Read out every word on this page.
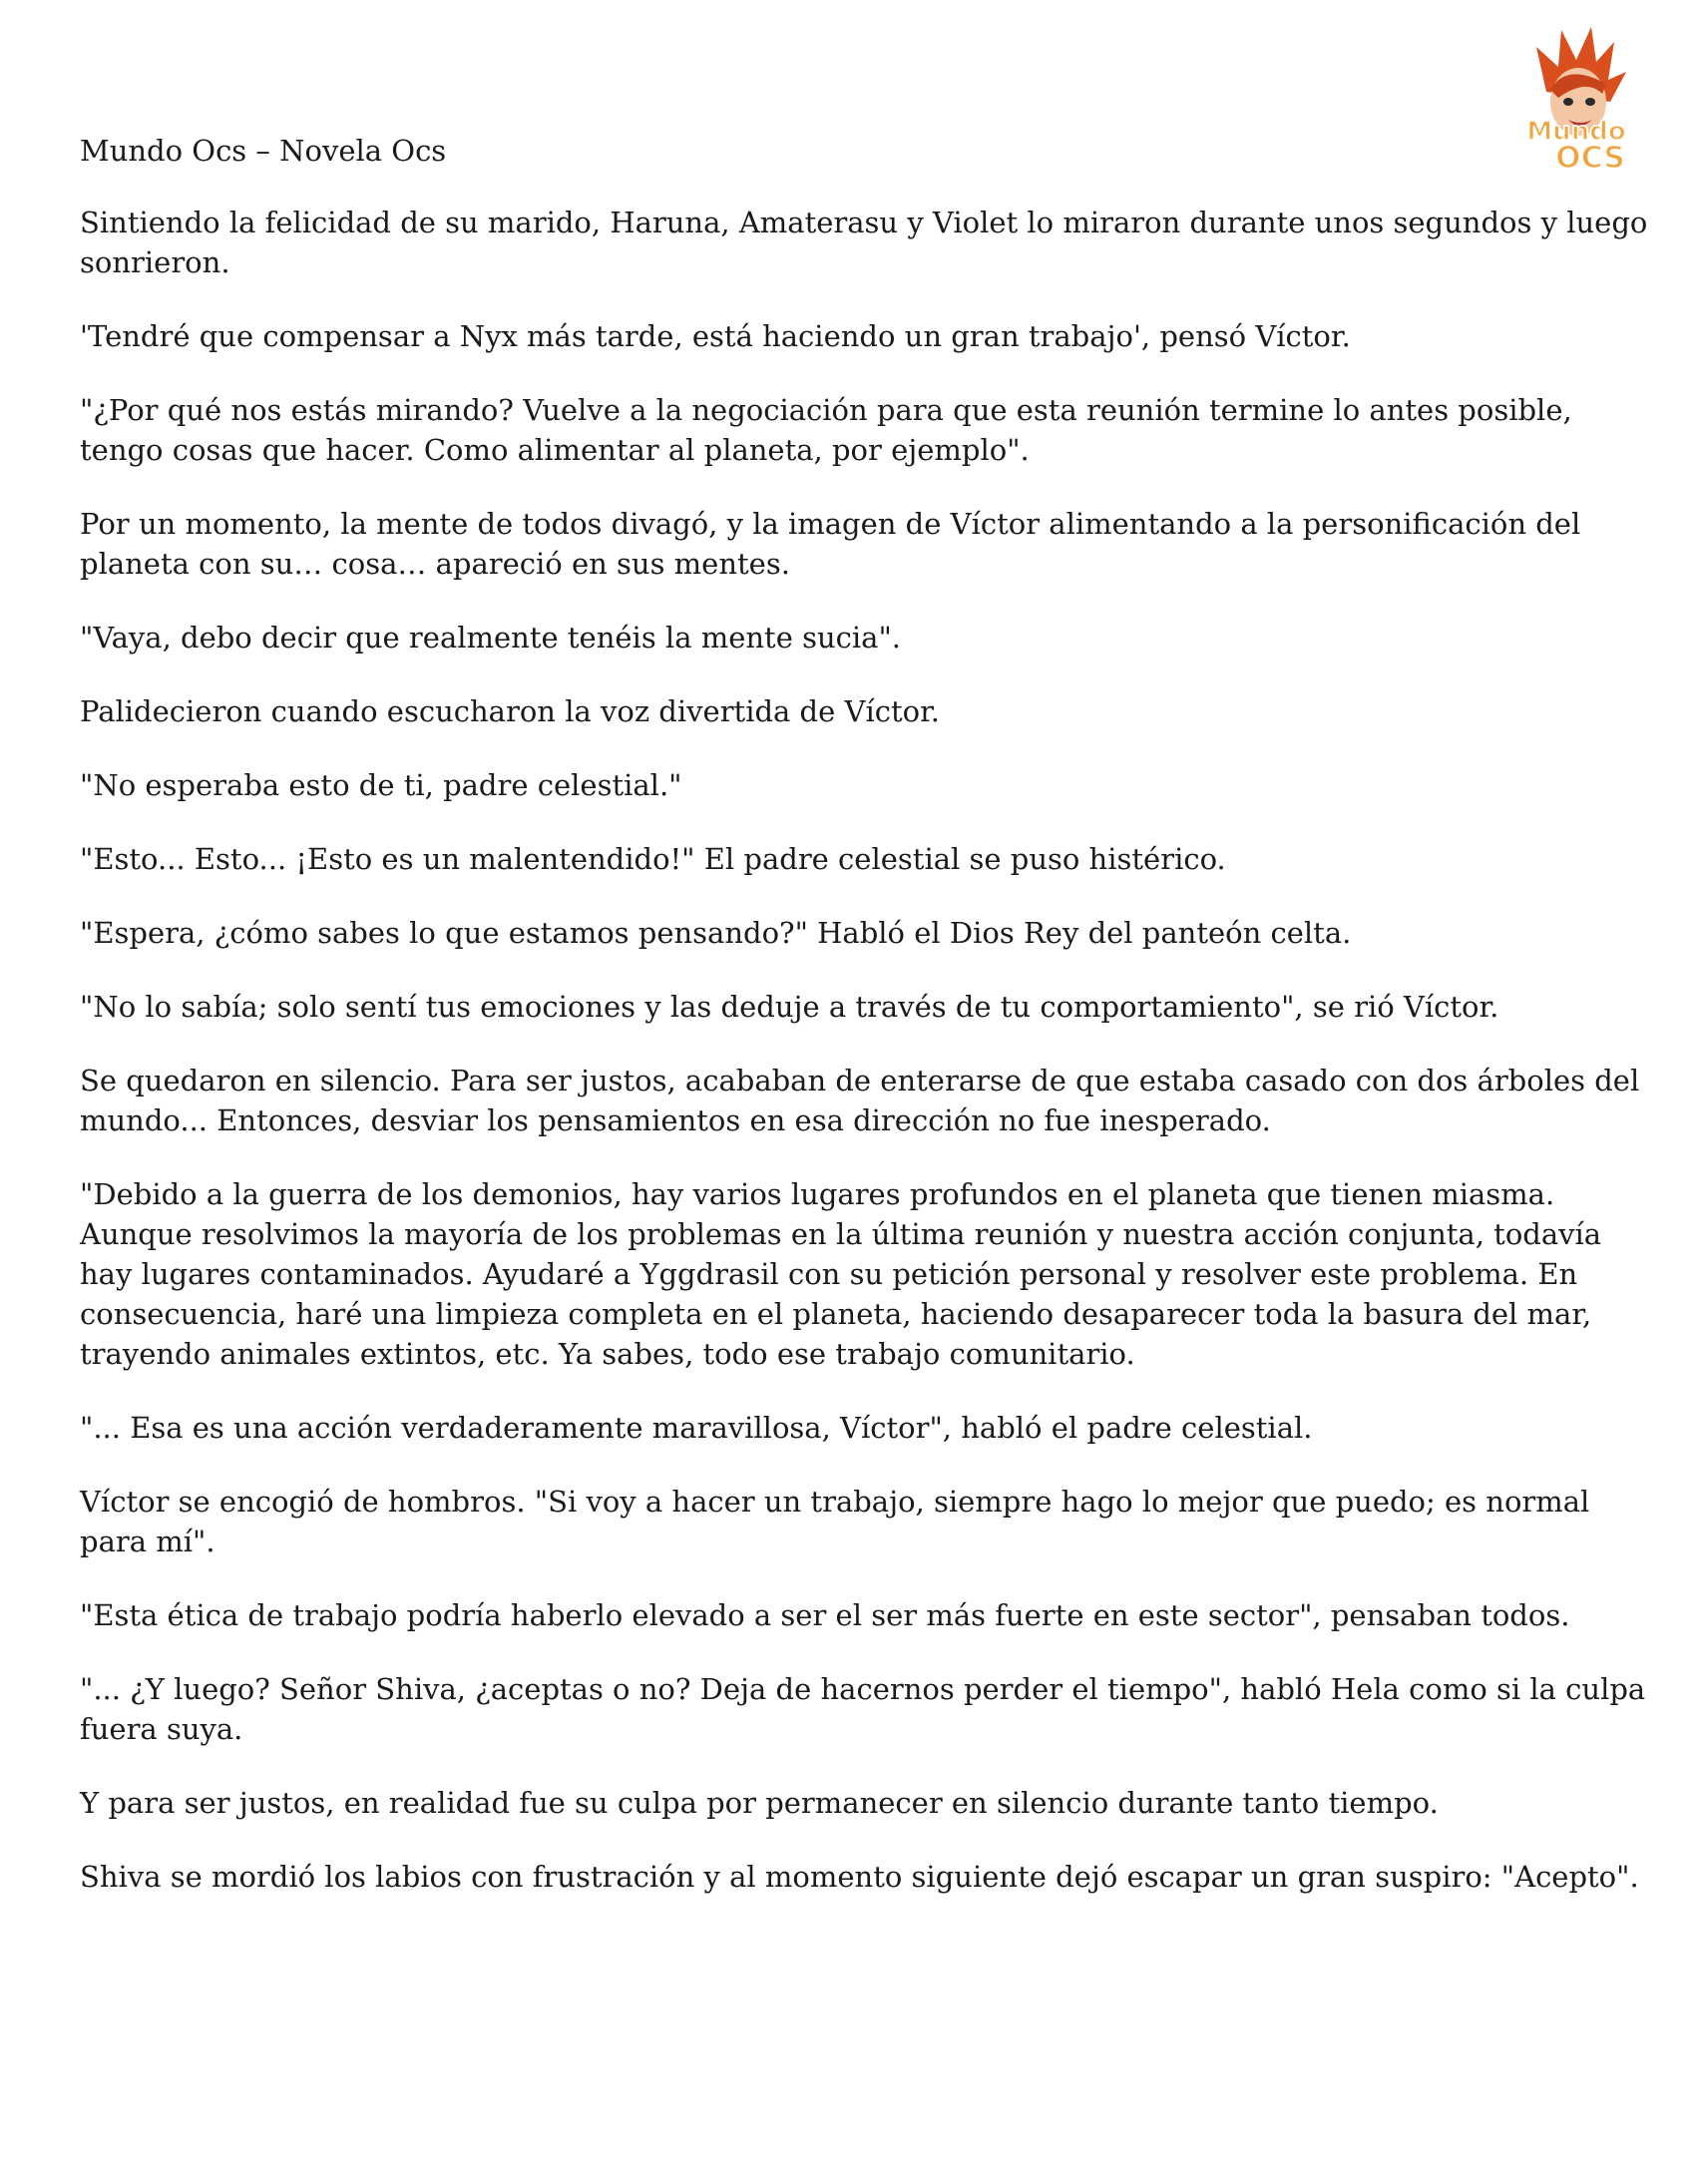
Mundo Ocs – Novela Ocs

Mundo
OCS

Sintiendo la felicidad de su marido, Haruna, Amaterasu y Violet lo miraron durante unos segundos y luego sonrieron.

'Tendré que compensar a Nyx más tarde, está haciendo un gran trabajo', pensó Víctor.

"¿Por qué nos estás mirando? Vuelve a la negociación para que esta reunión termine lo antes posible, tengo cosas que hacer. Como alimentar al planeta, por ejemplo".

Por un momento, la mente de todos divagó, y la imagen de Víctor alimentando a la personificación del planeta con su… cosa… apareció en sus mentes.

"Vaya, debo decir que realmente tenéis la mente sucia".

Palidecieron cuando escucharon la voz divertida de Víctor.

"No esperaba esto de ti, padre celestial."

"Esto... Esto... ¡Esto es un malentendido!" El padre celestial se puso histérico.

"Espera, ¿cómo sabes lo que estamos pensando?" Habló el Dios Rey del panteón celta.

"No lo sabía; solo sentí tus emociones y las deduje a través de tu comportamiento", se rió Víctor.

Se quedaron en silencio. Para ser justos, acababan de enterarse de que estaba casado con dos árboles del mundo... Entonces, desviar los pensamientos en esa dirección no fue inesperado.

"Debido a la guerra de los demonios, hay varios lugares profundos en el planeta que tienen miasma. Aunque resolvimos la mayoría de los problemas en la última reunión y nuestra acción conjunta, todavía hay lugares contaminados. Ayudaré a Yggdrasil con su petición personal y resolver este problema. En consecuencia, haré una limpieza completa en el planeta, haciendo desaparecer toda la basura del mar, trayendo animales extintos, etc. Ya sabes, todo ese trabajo comunitario.

"... Esa es una acción verdaderamente maravillosa, Víctor", habló el padre celestial.

Víctor se encogió de hombros. "Si voy a hacer un trabajo, siempre hago lo mejor que puedo; es normal para mí".

"Esta ética de trabajo podría haberlo elevado a ser el ser más fuerte en este sector", pensaban todos.

"... ¿Y luego? Señor Shiva, ¿aceptas o no? Deja de hacernos perder el tiempo", habló Hela como si la culpa fuera suya.

Y para ser justos, en realidad fue su culpa por permanecer en silencio durante tanto tiempo.

Shiva se mordió los labios con frustración y al momento siguiente dejó escapar un gran suspiro: "Acepto".
